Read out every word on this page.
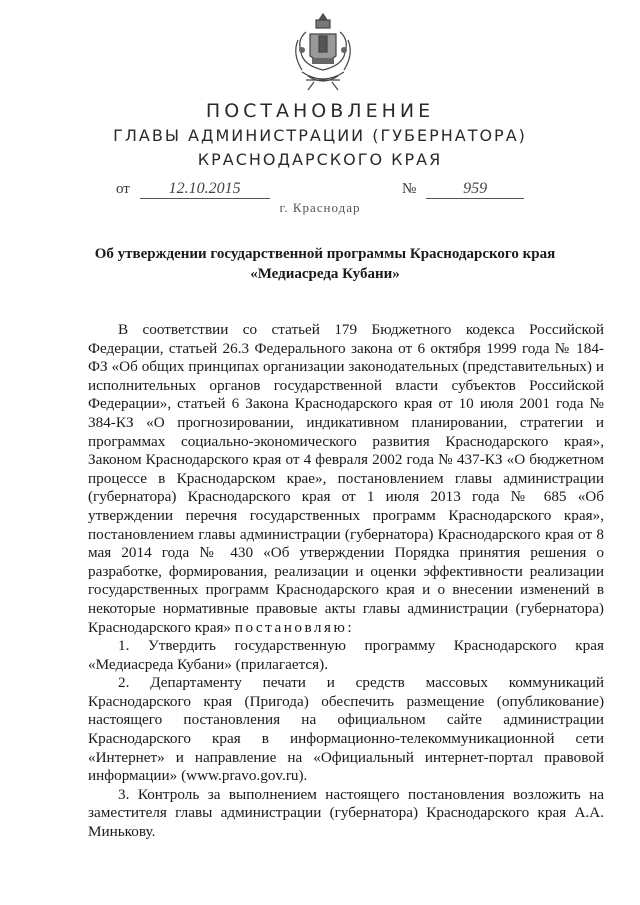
ПОСТАНОВЛЕНИЕ
ГЛАВЫ АДМИНИСТРАЦИИ (ГУБЕРНАТОРА)
КРАСНОДАРСКОГО КРАЯ
от 12.10.2015	№	959
г. Краснодар
Об утверждении государственной программы Краснодарского края
«Медиасреда Кубани»

В соответствии со статьей 179 Бюджетного кодекса Российской Федерации, статьей 26.3 Федерального закона от 6 октября 1999 года № 184-ФЗ «Об общих принципах организации законодательных (представительных) и исполнительных органов государственной власти субъектов Российской Федерации», статьей 6 Закона Краснодарского края от 10 июля 2001 года № 384-КЗ «О прогнозировании, индикативном планировании, стратегии и программах социально-экономического развития Краснодарского края», Законом Краснодарского края от 4 февраля 2002 года № 437-КЗ «О бюджетном процессе в Краснодарском крае», постановлением главы администрации (губернатора) Краснодарского края от 1 июля 2013 года № 685 «Об утверждении перечня государственных программ Краснодарского края», постановлением главы администрации (губернатора) Краснодарского края от 8 мая 2014 года № 430 «Об утверждении Порядка принятия решения о разработке, формирования, реализации и оценки эффективности реализации государственных программ Краснодарского края и о внесении изменений в некоторые нормативные правовые акты главы администрации (губернатора) Краснодарского края» постановляю:

1. Утвердить государственную программу Краснодарского края «Медиасреда Кубани» (прилагается).

2. Департаменту печати и средств массовых коммуникаций Краснодарского края (Пригода) обеспечить размещение (опубликование) настоящего постановления на официальном сайте администрации Краснодарского края в информационно-телекоммуникационной сети «Интернет» и направление на «Официальный интернет-портал правовой информации» (www.pravo.gov.ru).

3. Контроль за выполнением настоящего постановления возложить на заместителя главы администрации (губернатора) Краснодарского края А.А. Минькову.
